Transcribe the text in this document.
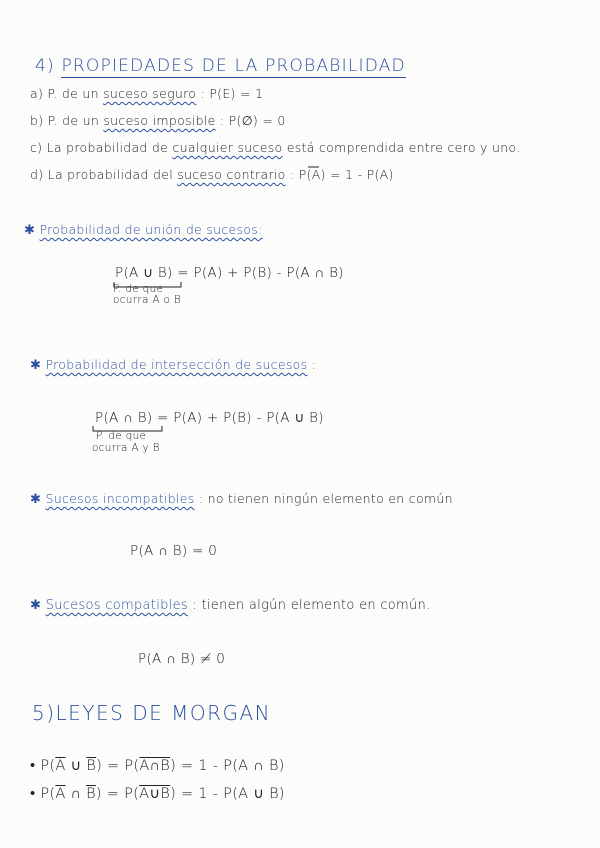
4) PROPIEDADES DE LA PROBABILIDAD
a) P. de un suceso seguro : P(E) = 1
b) P. de un suceso imposible : P(∅) = 0
c) La probabilidad de cualquier suceso está comprendida entre cero y uno.
d) La probabilidad del suceso contrario : P(A) = 1 - P(A)
✱ Probabilidad de unión de sucesos:
P(A ∪ B) = P(A) + P(B) - P(A ∩ B)
P. de que
ocurra A o B
✱ Probabilidad de intersección de sucesos :
P(A ∩ B) = P(A) + P(B) - P(A ∪ B)
P. de que
ocurra A y B
✱ Sucesos incompatibles : no tienen ningún elemento en común
P(A ∩ B) = 0
✱ Sucesos compatibles : tienen algún elemento en común.
P(A ∩ B) ≠ 0
5)LEYES DE MORGAN
• $P(\overline{A}$ ∪ $\overline{B}$) = P(A∩B) = 1 - P(A ∩ B)
• $P(\overline{A}$ ∩ $\overline{B}$) = P(A∪B) = 1 - P(A ∪ B)
